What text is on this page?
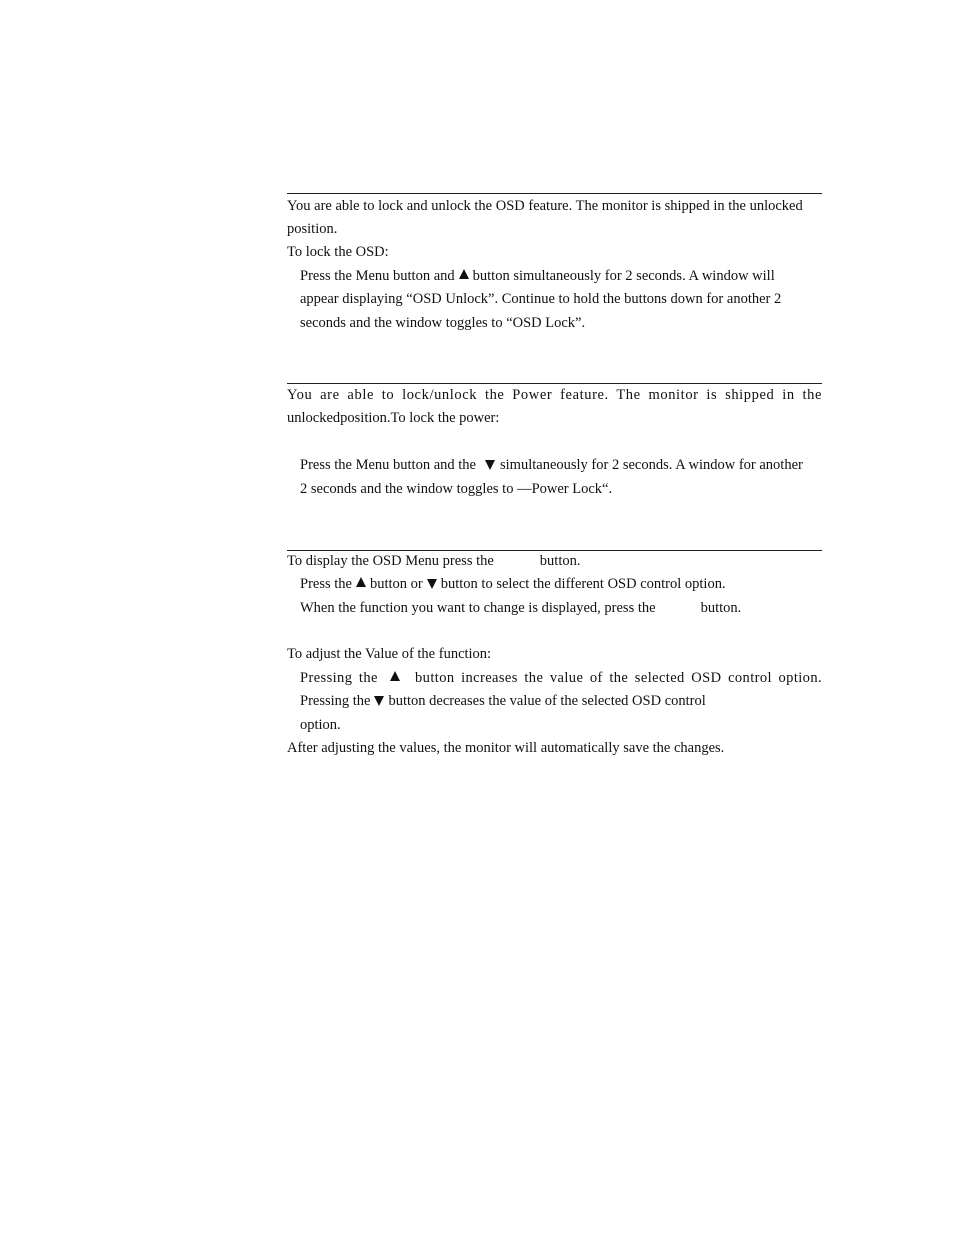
You are able to lock and unlock the OSD feature. The monitor is shipped in the unlocked
position.
To lock the OSD:
Press the Menu button and button simultaneously for 2 seconds. A window will
appear displaying “OSD Unlock”. Continue to hold the buttons down for another 2
seconds and the window toggles to “OSD Lock”.
You are able to lock/unlock the Power feature. The monitor is shipped in the
unlockedposition.To lock the power:
Press the Menu button and the simultaneously for 2 seconds. A window for another
2 seconds and the window toggles to —Power Lock“.
To display the OSD Menu press the	button.
Press the button or button to select the different OSD control option.
When the function you want to change is displayed, press the	button.
To adjust the Value of the function:
Pressing the	button increases the value of the selected OSD control option.
Pressing the button decreases the value of the selected OSD control
option.
After adjusting the values, the monitor will automatically save the changes.
